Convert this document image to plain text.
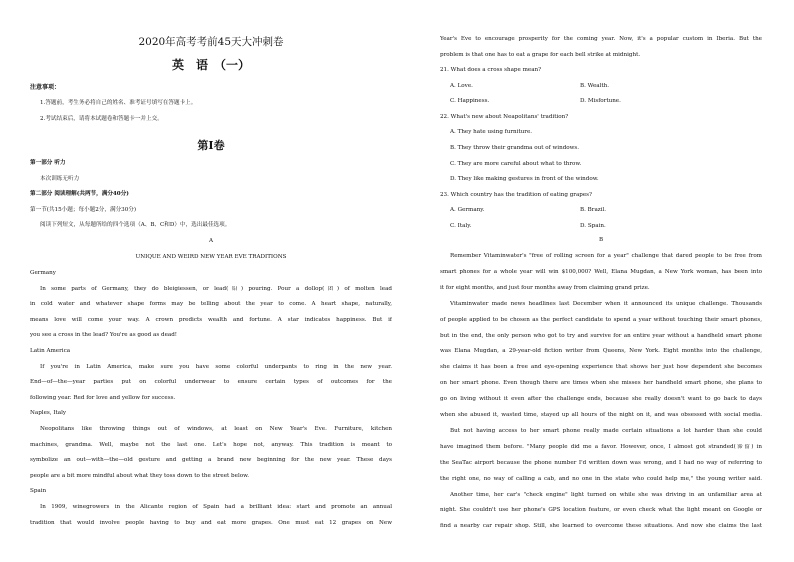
2020年高考考前45天大冲刺卷
英　语　（一）
注意事项：
1.答题前，考生务必将自己的姓名、准考证号填写在答题卡上。
2.考试结束后，请将本试题卷和答题卡一并上交。
第Ⅰ卷
第一部分 听力
本次训练无听力
第二部分 阅读理解(共两节，满分40分)
第一节(共15小题；每小题2分，满分30分)
阅读下列短文，从每题所给的四个选项（A、B、C和D）中，选出最佳选项。
A
UNIQUE AND WEIRD NEW YEAR EVE TRADITIONS
Germany
In some parts of Germany, they do bleigiessen, or lead(铅) pouring. Pour a dollop(团) of molten lead
in cold water and whatever shape forms may be telling about the year to come. A heart shape, naturally,
means love will come your way. A crown predicts wealth and fortune. A star indicates happiness. But if
you see a cross in the lead? You're as good as dead!
Latin America
If you're in Latin America, make sure you have some colorful underpants to ring in the new year.
End—of—the—year parties put on colorful underwear to ensure certain types of outcomes for the
following year. Red for love and yellow for success.
Naples, Italy
Neopolitans like throwing things out of windows, at least on New Year's Eve. Furniture, kitchen
machines, grandma. Well, maybe not the last one. Let's hope not, anyway. This tradition is meant to
symbolize an out—with—the—old gesture and getting a brand new beginning for the new year. These days
people are a bit more mindful about what they toss down to the street below.
Spain
In 1909, winegrowers in the Alicante region of Spain had a brilliant idea: start and promote an annual
tradition that would involve people having to buy and eat more grapes. One must eat 12 grapes on New
Year's Eve to encourage prosperity for the coming year. Now, it's a popular custom in Iberia. But the
problem is that one has to eat a grape for each bell strike at midnight.
21. What does a cross shape mean?
A. Love.	B. Wealth.
C. Happiness.	D. Misfortune.
22. What's new about Neapolitans' tradition?
A. They hate using furniture.
B. They throw their grandma out of windows.
C. They are more careful about what to throw.
D. They like making gestures in front of the window.
23. Which country has the tradition of eating grapes?
A. Germany.	B. Brazil.
C. Italy.	D. Spain.
B
Remember Vitaminwater's "free of rolling screen for a year" challenge that dared people to be free from
smart phones for a whole year will win $100,000? Well, Elana Mugdan, a New York woman, has been into
it for eight months, and just four months away from claiming grand prize.
Vitaminwater made news headlines last December when it announced its unique challenge. Thousands
of people applied to be chosen as the perfect candidate to spend a year without touching their smart phones,
but in the end, the only person who got to try and survive for an entire year without a handheld smart phone
was Elana Mugdan, a 29-year-old fiction writer from Queens, New York. Eight months into the challenge,
she claims it has been a free and eye-opening experience that shows her just how dependent she becomes
on her smart phone. Even though there are times when she misses her handheld smart phone, she plans to
go on living without it even after the challenge ends, because she really doesn't want to go back to days
when she abused it, wasted time, stayed up all hours of the night on it, and was obsessed with social media.
But not having access to her smart phone really made certain situations a lot harder than she could
have imagined them before. "Many people did me a favor. However, once, I almost got stranded(滞留) in
the SeaTac airport because the phone number I'd written down was wrong, and I had no way of referring to
the right one, no way of calling a cab, and no one in the state who could help me," the young writer said.
Another time, her car's "check engine" light turned on while she was driving in an unfamiliar area at
night. She couldn't use her phone's GPS location feature, or even check what the light meant on Google or
find a nearby car repair shop. Still, she learned to overcome these situations. And now she claims the last
